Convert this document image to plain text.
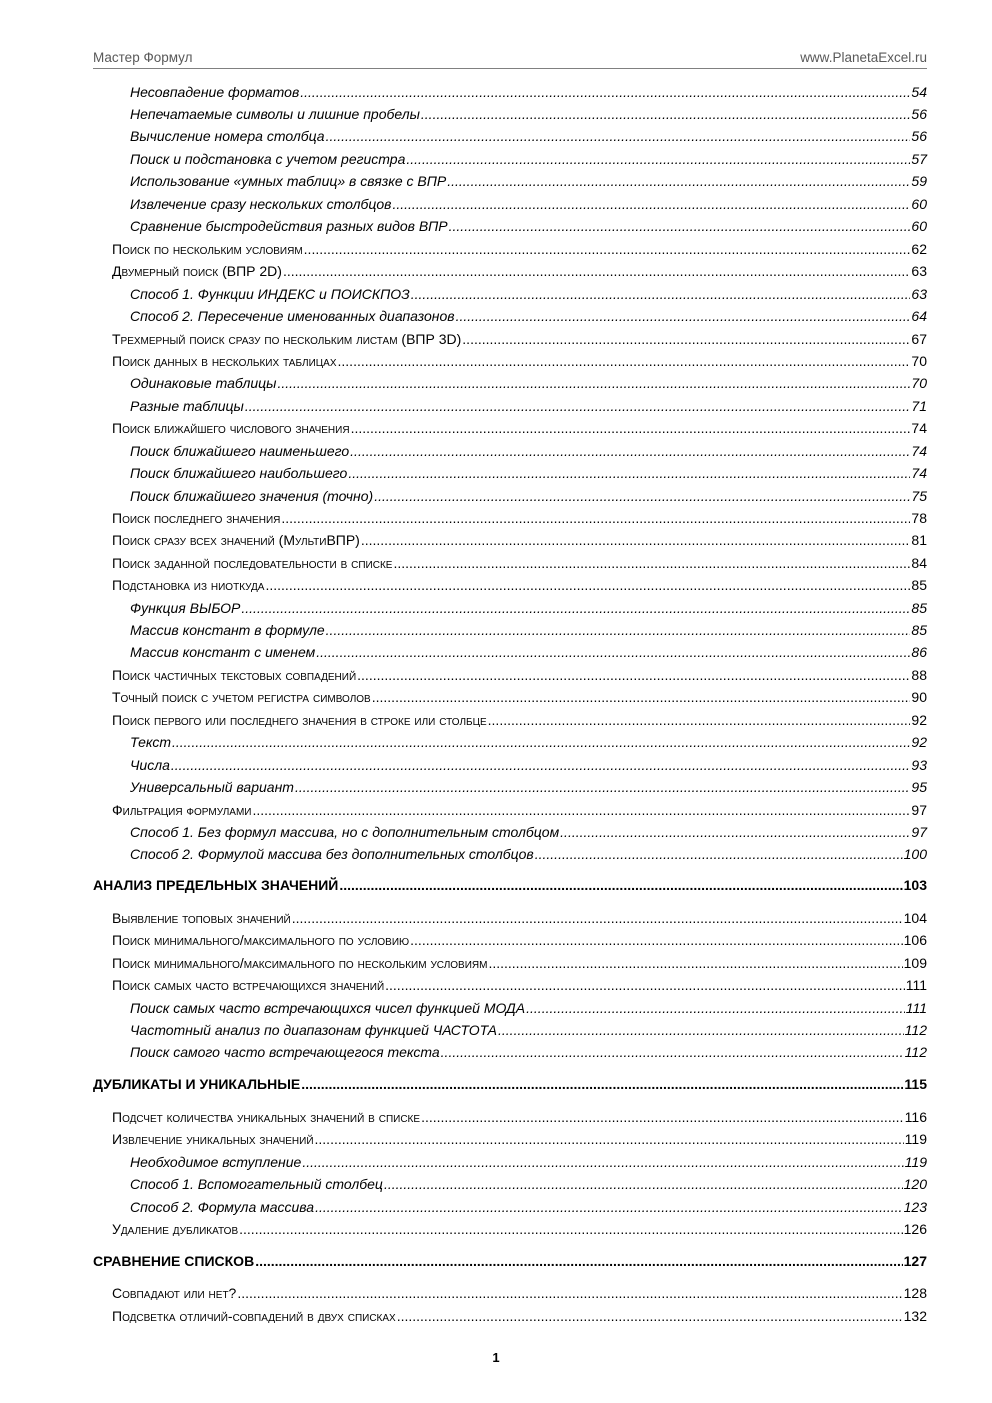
Мастер Формул	www.PlanetaExcel.ru
Несовпадение форматов .....	54
Непечатаемые символы и лишние пробелы .....	56
Вычисление номера столбца .....	56
Поиск и подстановка с учетом регистра .....	57
Использование «умных таблиц» в связке с ВПР .....	59
Извлечение сразу нескольких столбцов .....	60
Сравнение быстродействия разных видов ВПР .....	60
Поиск по нескольким условиям .....	62
Двумерный поиск (ВПР 2D) .....	63
Способ 1. Функции ИНДЕКС и ПОИСКПОЗ .....	63
Способ 2. Пересечение именованных диапазонов .....	64
Трехмерный поиск сразу по нескольким листам (ВПР 3D) .....	67
Поиск данных в нескольких таблицах .....	70
Одинаковые таблицы .....	70
Разные таблицы .....	71
Поиск ближайшего числового значения .....	74
Поиск ближайшего наименьшего .....	74
Поиск ближайшего наибольшего .....	74
Поиск ближайшего значения (точно) .....	75
Поиск последнего значения .....	78
Поиск сразу всех значений (МультиВПР) .....	81
Поиск заданной последовательности в списке .....	84
Подстановка из ниоткуда .....	85
Функция ВЫБОР .....	85
Массив констант в формуле .....	85
Массив констант с именем .....	86
Поиск частичных текстовых совпадений .....	88
Точный поиск с учетом регистра символов .....	90
Поиск первого или последнего значения в строке или столбце .....	92
Текст .....	92
Числа .....	93
Универсальный вариант .....	95
Фильтрация формулами .....	97
Способ 1. Без формул массива, но с дополнительным столбцом .....	97
Способ 2. Формулой массива без дополнительных столбцов .....	100
АНАЛИЗ ПРЕДЕЛЬНЫХ ЗНАЧЕНИЙ .....	103
Выявление топовых значений .....	104
Поиск минимального/максимального по условию .....	106
Поиск минимального/максимального по нескольким условиям .....	109
Поиск самых часто встречающихся значений .....	111
Поиск самых часто встречающихся чисел функцией МОДА .....	111
Частотный анализ по диапазонам функцией ЧАСТОТА .....	112
Поиск самого часто встречающегося текста .....	112
ДУБЛИКАТЫ И УНИКАЛЬНЫЕ .....	115
Подсчет количества уникальных значений в списке .....	116
Извлечение уникальных значений .....	119
Необходимое вступление .....	119
Способ 1. Вспомогательный столбец .....	120
Способ 2. Формула массива .....	123
Удаление дубликатов .....	126
СРАВНЕНИЕ СПИСКОВ .....	127
Совпадают или нет? .....	128
Подсветка отличий-совпадений в двух списках .....	132
1
